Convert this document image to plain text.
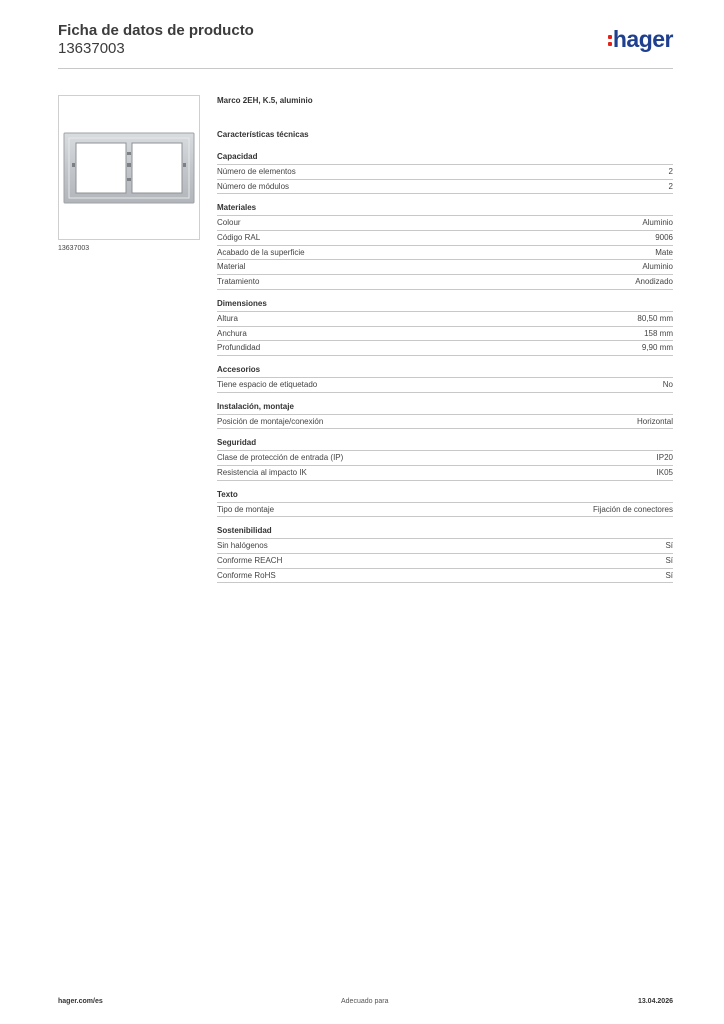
Ficha de datos de producto
13637003	hager
13637003
Marco 2EH, K.5, aluminio
Características técnicas
Capacidad
Número de elementos	2
Número de módulos	2
Materiales
Colour	Aluminio
Código RAL	9006
Acabado de la superficie	Mate
Material	Aluminio
Tratamiento	Anodizado
Dimensiones
Altura	80,50 mm
Anchura	158 mm
Profundidad	9,90 mm
Accesorios
Tiene espacio de etiquetado	No
Instalación, montaje
Posición de montaje/conexión	Horizontal
Seguridad
Clase de protección de entrada (IP)	IP20
Resistencia al impacto IK	IK05
Texto
Tipo de montaje	Fijación de conectores
Sostenibilidad
Sin halógenos	Sí
Conforme REACH	Sí
Conforme RoHS	Sí
hager.com/es	Adecuado para	13.04.2026
